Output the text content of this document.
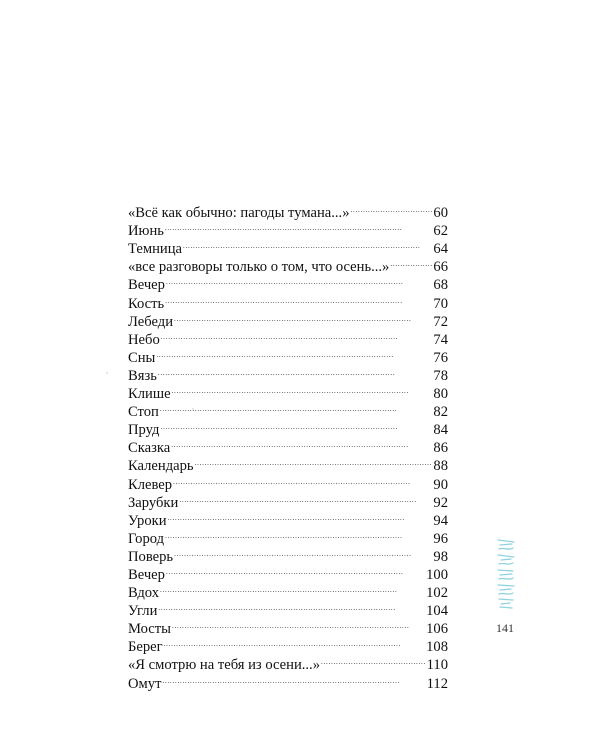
«Всё как обычно: пагоды тумана...» . . .	60
Июнь . . .	62
Темница . . .	64
«все разговоры только о том, что осень...» . . .	66
Вечер . . .	68
Кость . . .	70
Лебеди . . .	72
Небо . . .	74
Сны . . .	76
Вязь . . .	78
Клише . . .	80
Стоп . . .	82
Пруд . . .	84
Сказка . . .	86
Календарь . . .	88
Клевер . . .	90
Зарубки . . .	92
Уроки . . .	94
Город . . .	96
Поверь . . .	98
Вечер . . .	100
Вдох . . .	102
Угли . . .	104
Мосты . . .	106
Берег . . .	108
«Я смотрю на тебя из осени...» . . .	110
Омут . . .	112
141
